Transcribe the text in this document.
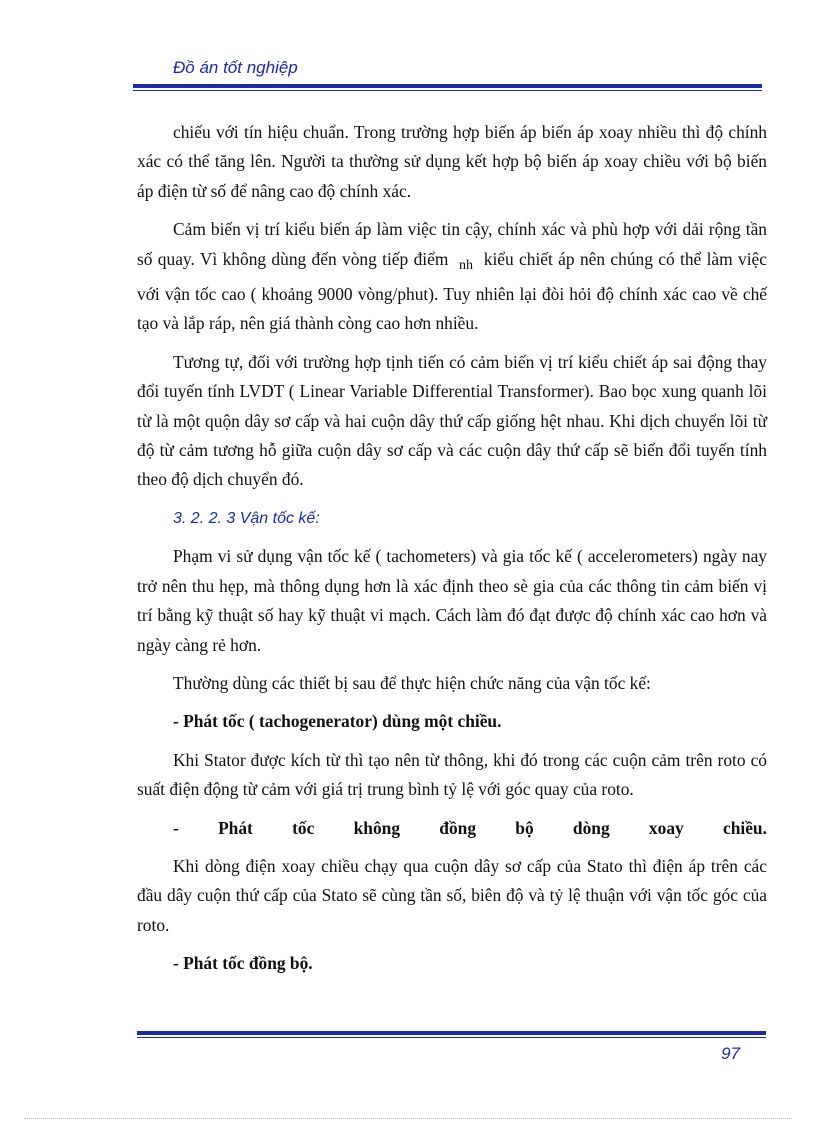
Đồ án tốt nghiệp

chiếu với tín hiệu chuẩn. Trong trường hợp biến áp biến áp xoay nhiều thì độ chính xác có thể tăng lên. Người ta thường sử dụng kết hợp bộ biến áp xoay chiều với bộ biến áp điện từ số để nâng cao độ chính xác.

Cảm biến vị trí kiểu biến áp làm việc tin cậy, chính xác và phù hợp với dải rộng tần số quay. Vì không dùng đến vòng tiếp điểm $_{nh}$ kiểu chiết áp nên chúng có thể làm việc với vận tốc cao ( khoảng 9000 vòng/phut). Tuy nhiên lại đòi hỏi độ chính xác cao về chế tạo và lắp ráp, nên giá thành còng cao hơn nhiều.

Tương tự, đối với trường hợp tịnh tiến có cảm biến vị trí kiểu chiết áp sai động thay đổi tuyến tính LVDT ( Linear Variable Differential Transformer). Bao bọc xung quanh lõi từ là một quộn dây sơ cấp và hai cuộn dây thứ cấp giống hệt nhau. Khi dịch chuyển lõi từ độ từ cảm tương hỗ giữa cuộn dây sơ cấp và các cuộn dây thứ cấp sẽ biến đổi tuyến tính theo độ dịch chuyển đó.

3. 2. 2. 3 Vận tốc kế:

Phạm vi sử dụng vận tốc kế ( tachometers) và gia tốc kế ( accelerometers) ngày nay trở nên thu hẹp, mà thông dụng hơn là xác định theo sè gia của các thông tin cảm biến vị trí bằng kỹ thuật số hay kỹ thuật vi mạch. Cách làm đó đạt được độ chính xác cao hơn và ngày càng rẻ hơn.

Thường dùng các thiết bị sau để thực hiện chức năng của vận tốc kế:

- Phát tốc ( tachogenerator) dùng một chiều.

Khi Stator được kích từ thì tạo nên từ thông, khi đó trong các cuộn cảm trên roto có suất điện động từ cảm với giá trị trung bình tỷ lệ với góc quay của roto.

- Phát tốc không đồng bộ dòng xoay chiều.

Khi dòng điện xoay chiều chạy qua cuộn dây sơ cấp của Stato thì điện áp trên các đầu dây cuộn thứ cấp của Stato sẽ cùng tần số, biên độ và tỷ lệ thuận với vận tốc góc của roto.

- Phát tốc đồng bộ.

97
